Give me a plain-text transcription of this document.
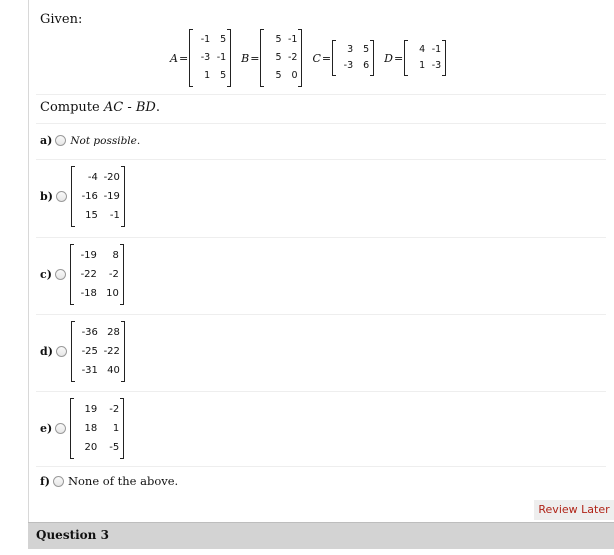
Given:
A =
-1	5
-3 -1
1	5
B =
5 -1
5 -2
5	0
C =
3	5
-3	6
D =
4 -1
1 -3
Compute AC - BD.
a) Not possible.
b)
-4 -20
-16 -19
15	-1
c)
-19	8
-22	-2
-18 10
d)
-36 28
-25 -22
-31 40
e)
19	-2
18	1
20	-5
f) None of the above.
Review Later
Question 3
